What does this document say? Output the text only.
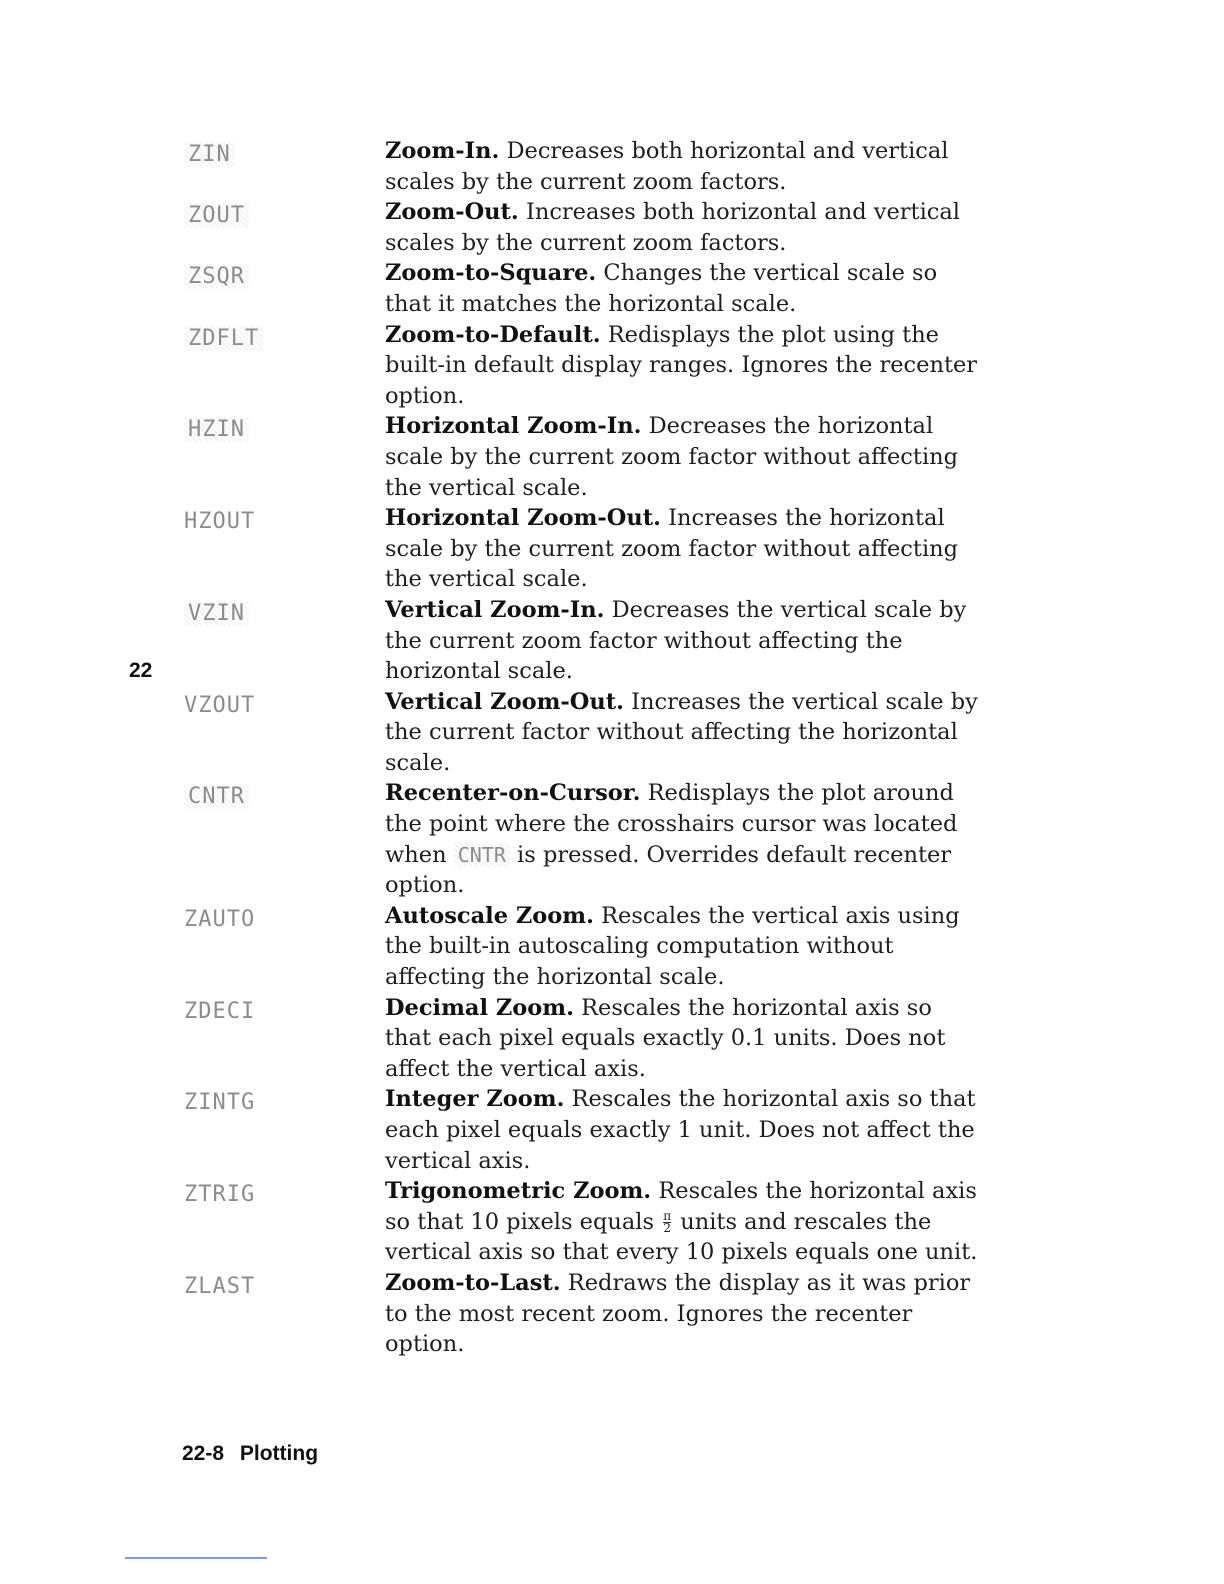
22
ZIN	Zoom-In. Decreases both horizontal and vertical scales by the current zoom factors.
ZOUT	Zoom-Out. Increases both horizontal and vertical scales by the current zoom factors.
ZSQR	Zoom-to-Square. Changes the vertical scale so that it matches the horizontal scale.
ZDFLT	Zoom-to-Default. Redisplays the plot using the built-in default display ranges. Ignores the recenter option.
HZIN	Horizontal Zoom-In. Decreases the horizontal scale by the current zoom factor without affecting the vertical scale.
HZOUT	Horizontal Zoom-Out. Increases the horizontal scale by the current zoom factor without affecting the vertical scale.
VZIN	Vertical Zoom-In. Decreases the vertical scale by the current zoom factor without affecting the horizontal scale.
VZOUT	Vertical Zoom-Out. Increases the vertical scale by the current factor without affecting the horizontal scale.
CNTR	Recenter-on-Cursor. Redisplays the plot around the point where the crosshairs cursor was located when CNTR is pressed. Overrides default recenter option.
ZAUTO	Autoscale Zoom. Rescales the vertical axis using the built-in autoscaling computation without affecting the horizontal scale.
ZDECI	Decimal Zoom. Rescales the horizontal axis so that each pixel equals exactly 0.1 units. Does not affect the vertical axis.
ZINTG	Integer Zoom. Rescales the horizontal axis so that each pixel equals exactly 1 unit. Does not affect the vertical axis.
ZTRIG	Trigonometric Zoom. Rescales the horizontal axis so that 10 pixels equals $\frac{\pi}{2}$ units and rescales the vertical axis so that every 10 pixels equals one unit.
ZLAST	Zoom-to-Last. Redraws the display as it was prior to the most recent zoom. Ignores the recenter option.
22-8 Plotting
